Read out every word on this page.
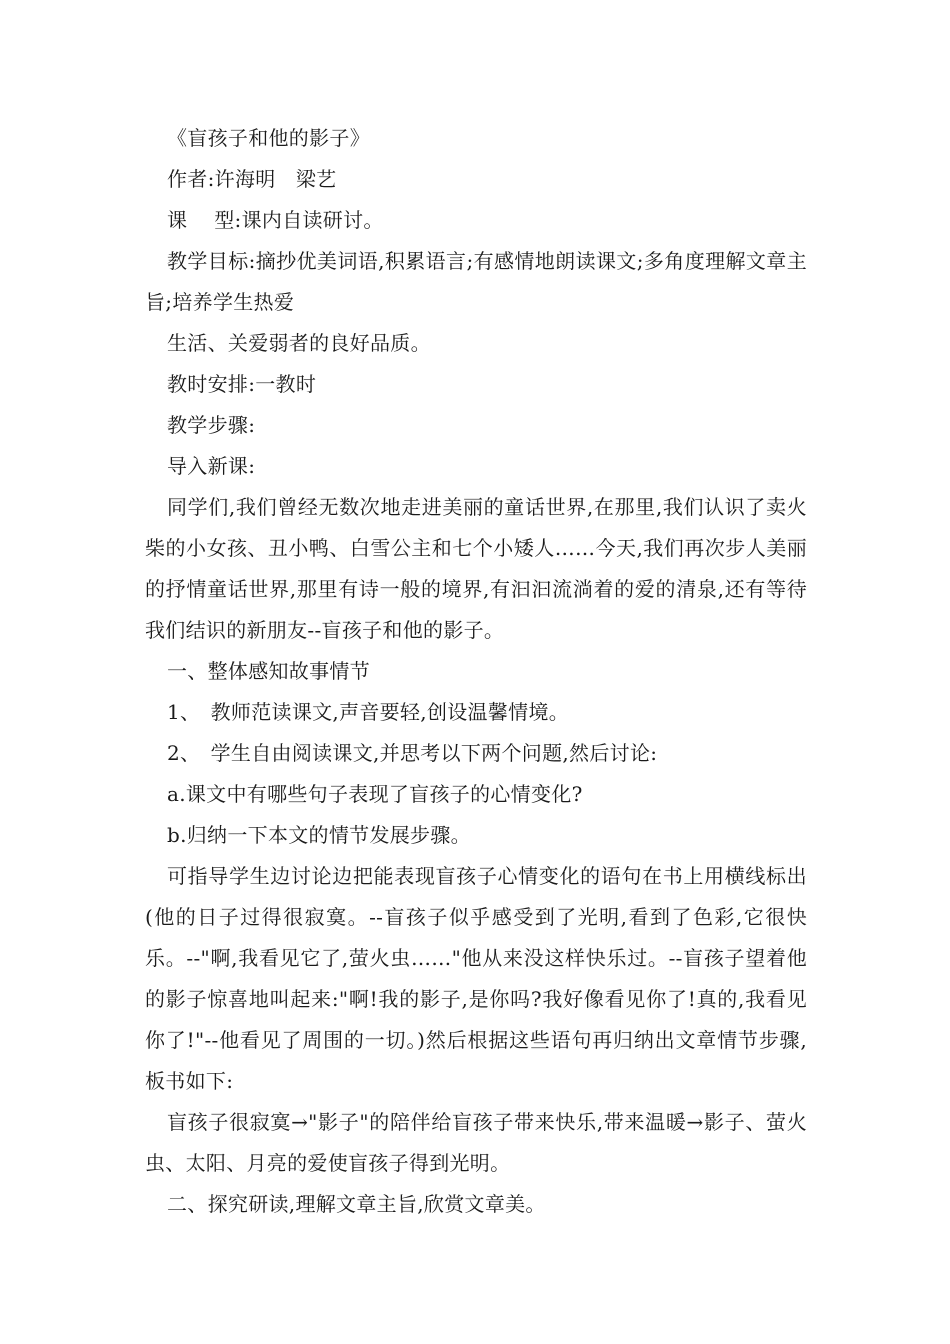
《盲孩子和他的影子》

作者:许海明　梁艺

课　 型:课内自读研讨。

教学目标:摘抄优美词语,积累语言;有感情地朗读课文;多角度理解文章主旨;培养学生热爱

生活、关爱弱者的良好品质。

教时安排:一教时

教学步骤:

导入新课:

同学们,我们曾经无数次地走进美丽的童话世界,在那里,我们认识了卖火柴的小女孩、丑小鸭、白雪公主和七个小矮人……今天,我们再次步人美丽的抒情童话世界,那里有诗一般的境界,有汩汩流淌着的爱的清泉,还有等待我们结识的新朋友--盲孩子和他的影子。

一、整体感知故事情节

1、　教师范读课文,声音要轻,创设温馨情境。

2、　学生自由阅读课文,并思考以下两个问题,然后讨论:

a.课文中有哪些句子表现了盲孩子的心情变化?

b.归纳一下本文的情节发展步骤。

可指导学生边讨论边把能表现盲孩子心情变化的语句在书上用横线标出(他的日子过得很寂寞。--盲孩子似乎感受到了光明,看到了色彩,它很快乐。--"啊,我看见它了,萤火虫……"他从来没这样快乐过。--盲孩子望着他的影子惊喜地叫起来:"啊!我的影子,是你吗?我好像看见你了!真的,我看见你了!"--他看见了周围的一切。)然后根据这些语句再归纳出文章情节步骤,板书如下:

盲孩子很寂寞→"影子"的陪伴给盲孩子带来快乐,带来温暖→影子、萤火虫、太阳、月亮的爱使盲孩子得到光明。

二、探究研读,理解文章主旨,欣赏文章美。
